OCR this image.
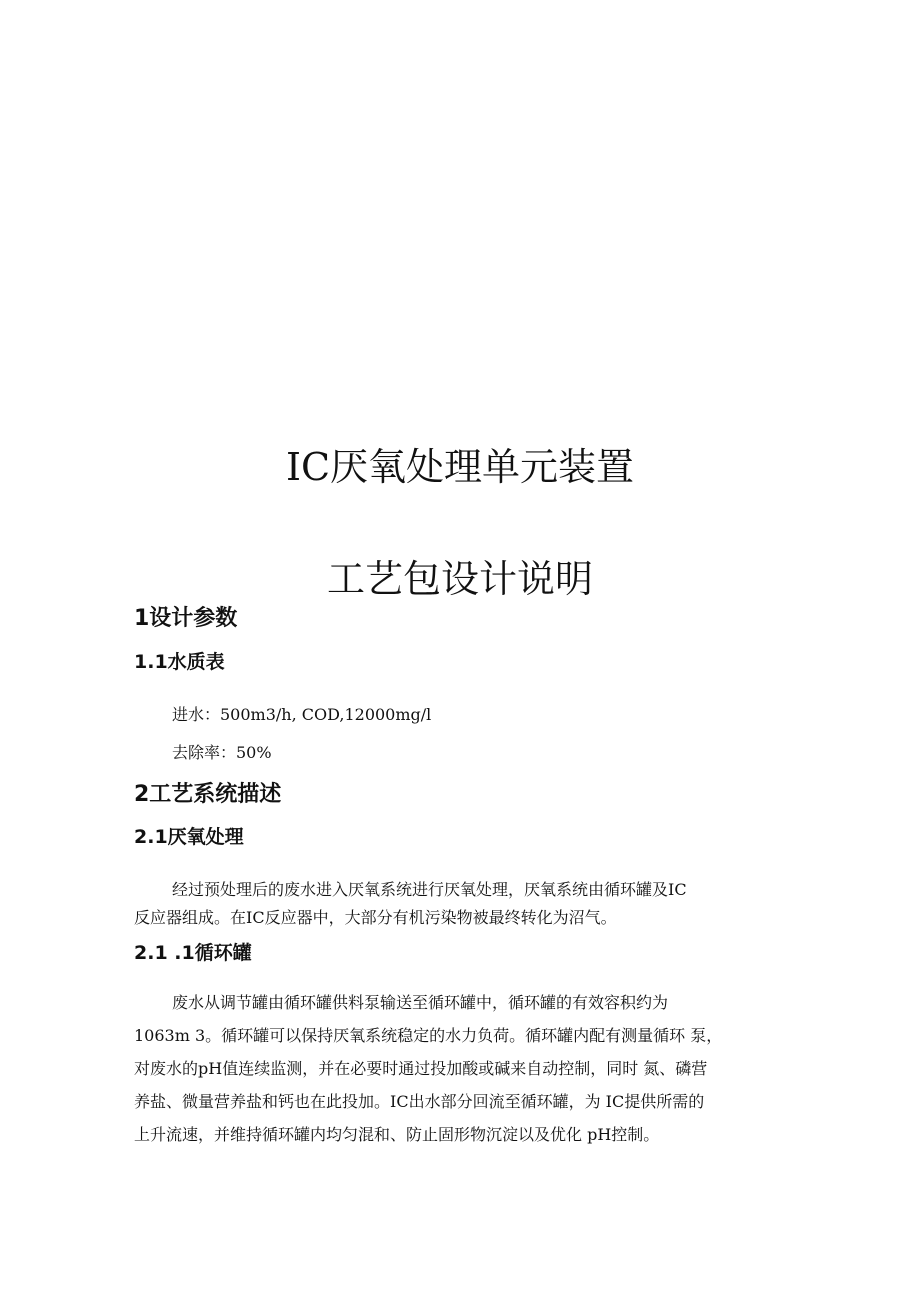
IC厌氧处理单元装置
工艺包设计说明
1设计参数
1.1水质表

进水：500m3/h, COD,12000mg/l

去除率：50%

2工艺系统描述
2.1厌氧处理

经过预处理后的废水进入厌氧系统进行厌氧处理，厌氧系统由循环罐及IC

反应器组成。在IC反应器中，大部分有机污染物被最终转化为沼气。

2.1 .1循环罐

废水从调节罐由循环罐供料泵输送至循环罐中，循环罐的有效容积约为

1063m 3。循环罐可以保持厌氧系统稳定的水力负荷。循环罐内配有测量循环 泵，

对废水的pH值连续监测，并在必要时通过投加酸或碱来自动控制，同时 氮、磷营

养盐、微量营养盐和钙也在此投加。IC出水部分回流至循环罐，为 IC提供所需的

上升流速，并维持循环罐内均匀混和、防止固形物沉淀以及优化 pH控制。
